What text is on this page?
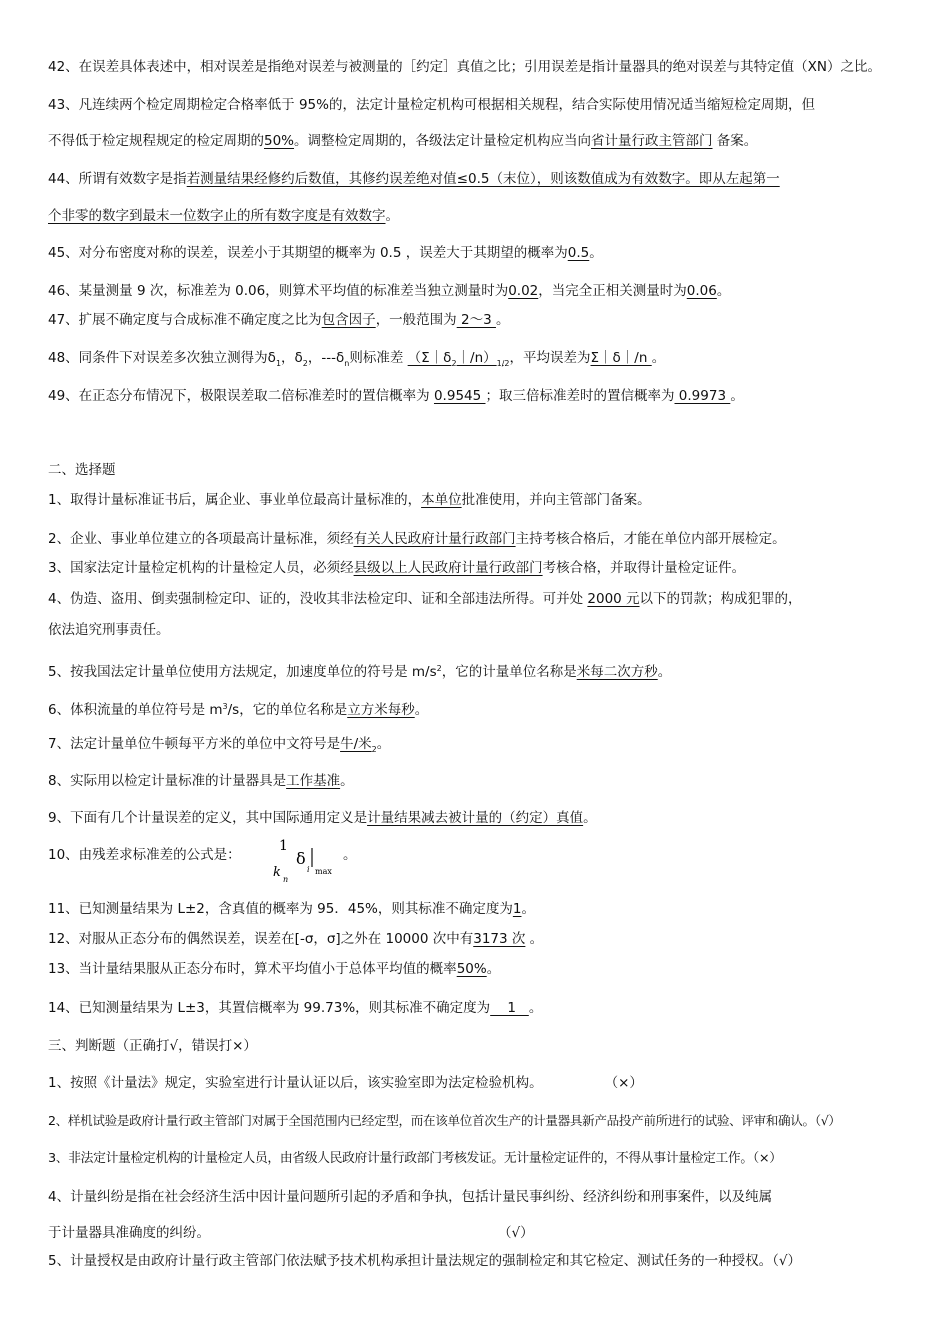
42、在误差具体表述中，相对误差是指绝对误差与被测量的［约定］真值之比；引用误差是指计量器具的绝对误差与其特定值（XN）之比。
43、凡连续两个检定周期检定合格率低于 95%的，法定计量检定机构可根据相关规程，结合实际使用情况适当缩短检定周期，但
不得低于检定规程规定的检定周期的50%。调整检定周期的，各级法定计量检定机构应当向省计量行政主管部门 备案。
44、所谓有效数字是指若测量结果经修约后数值，其修约误差绝对值≤0.5（末位），则该数值成为有效数字。即从左起第一
个非零的数字到最末一位数字止的所有数字度是有效数字。
45、对分布密度对称的误差，误差小于其期望的概率为 0.5 ，误差大于其期望的概率为0.5。
46、某量测量 9 次，标准差为 0.06，则算术平均值的标准差当独立测量时为0.02，当完全正相关测量时为0.06。
47、扩展不确定度与合成标准不确定度之比为包含因子，一般范围为 2～3 。
48、同条件下对误差多次独立测得为$\delta_1$，$\delta_2$，$---\delta_n$则标准差 $(\Sigma|\delta_2|/n)_{1/2}$，平均误差为Σ｜δ｜/n 。
49、在正态分布情况下，极限误差取二倍标准差时的置信概率为 0.9545 ；取三倍标准差时的置信概率为 0.9973 。
二、选择题
1、取得计量标准证书后，属企业、事业单位最高计量标准的，本单位批准使用，并向主管部门备案。
2、企业、事业单位建立的各项最高计量标准，须经有关人民政府计量行政部门主持考核合格后，才能在单位内部开展检定。
3、国家法定计量检定机构的计量检定人员，必须经县级以上人民政府计量行政部门考核合格，并取得计量检定证件。
4、伪造、盗用、倒卖强制检定印、证的，没收其非法检定印、证和全部违法所得。可并处 2000 元以下的罚款；构成犯罪的，
依法追究刑事责任。
5、按我国法定计量单位使用方法规定，加速度单位的符号是 $m/s^2$，它的计量单位名称是米每二次方秒。
6、体积流量的单位符号是 $m^3/s$，它的单位名称是立方米每秒。
7、法定计量单位牛顿每平方米的单位中文符号是牛/米$_2$。
8、实际用以检定计量标准的计量器具是工作基准。
9、下面有几个计量误差的定义，其中国际通用定义是计量结果减去被计量的（约定）真值。
10、由残差求标准差的公式是：	。
1
k n
δ
i max
11、已知测量结果为 L±2，含真值的概率为 95．45%，则其标准不确定度为1。
12、对服从正态分布的偶然误差，误差在[-σ，σ]之外在 10000 次中有3173 次 。
13、当计量结果服从正态分布时，算术平均值小于总体平均值的概率50%。
14、已知测量结果为 L±3，其置信概率为 99.73%，则其标准不确定度为    1   。
三、判断题（正确打√，错误打×）
1、按照《计量法》规定，实验室进行计量认证以后，该实验室即为法定检验机构。	（×）
2、样机试验是政府计量行政主管部门对属于全国范围内已经定型，而在该单位首次生产的计量器具新产品投产前所进行的试验、评审和确认。（√）
3、非法定计量检定机构的计量检定人员，由省级人民政府计量行政部门考核发证。无计量检定证件的，不得从事计量检定工作。（×）
4、计量纠纷是指在社会经济生活中因计量问题所引起的矛盾和争执，包括计量民事纠纷、经济纠纷和刑事案件，以及纯属
于计量器具准确度的纠纷。	（√）
5、计量授权是由政府计量行政主管部门依法赋予技术机构承担计量法规定的强制检定和其它检定、测试任务的一种授权。（√）
